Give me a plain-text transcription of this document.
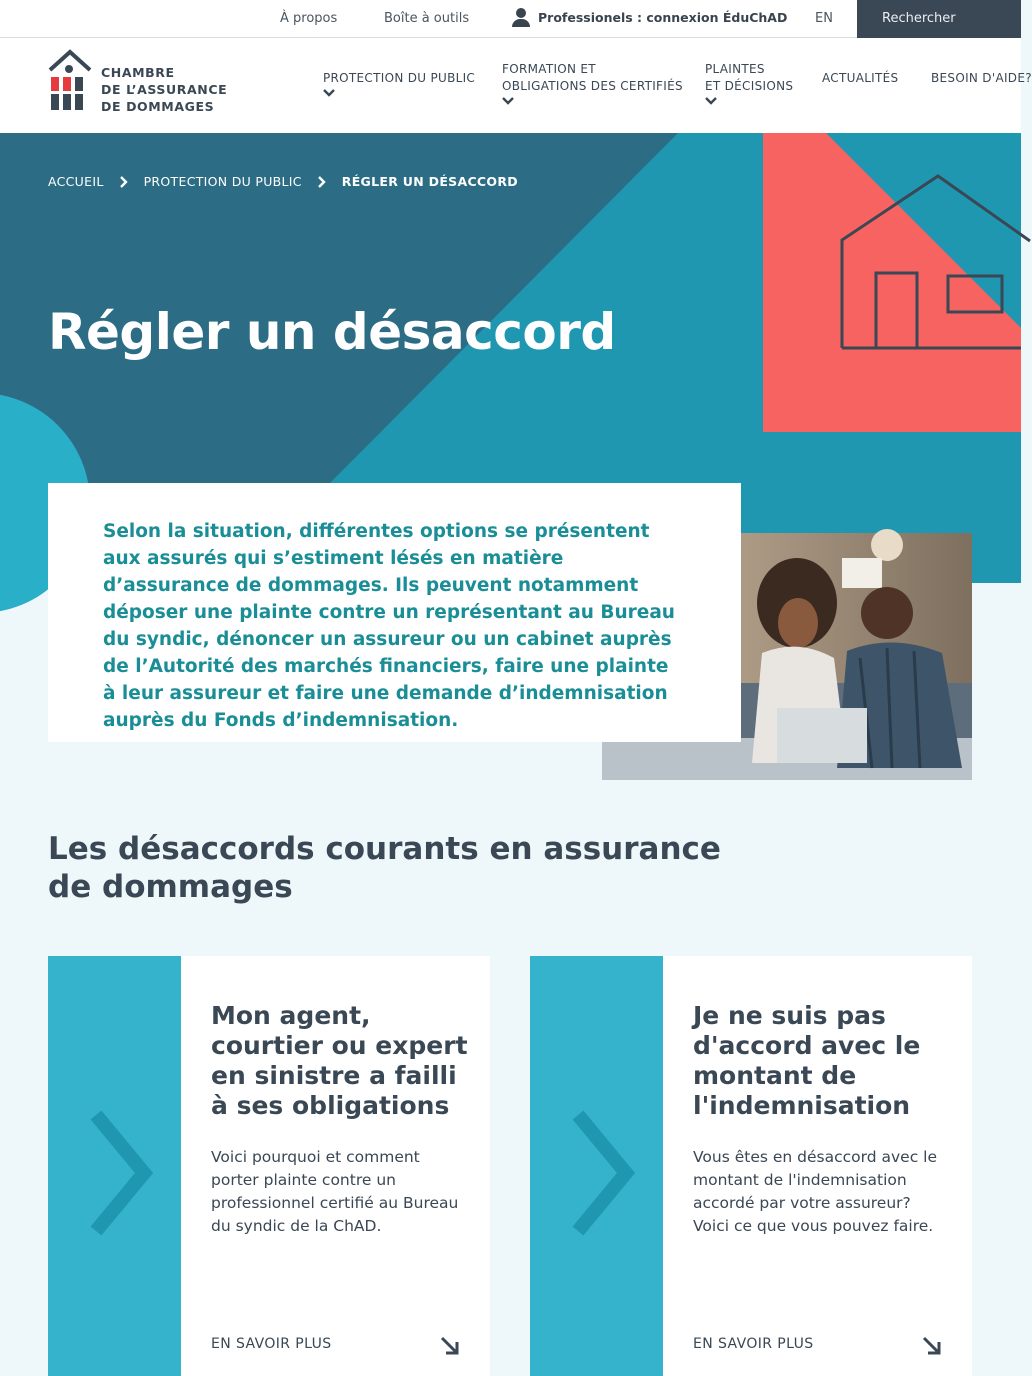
À propos	Boîte à outils	Professionels : connexion ÉduChAD EN	Rechercher
CHAMBRE
DE L’ASSURANCE
DE DOMMAGES
PROTECTION DU PUBLIC
FORMATION ET
OBLIGATIONS DES CERTIFIÉS
PLAINTES
ET DÉCISIONS
ACTUALITÉS	BESOIN D'AIDE?
ACCUEIL	PROTECTION DU PUBLIC	RÉGLER UN DÉSACCORD
Régler un désaccord

Selon la situation, différentes options se présentent aux assurés qui s’estiment lésés en matière d’assurance de dommages. Ils peuvent notamment déposer une plainte contre un représentant au Bureau du syndic, dénoncer un assureur ou un cabinet auprès de l’Autorité des marchés financiers, faire une plainte à leur assureur et faire une demande d’indemnisation auprès du Fonds d’indemnisation.

Les désaccords courants en assurance de dommages
Mon agent, courtier ou expert en sinistre a failli à ses obligations

Voici pourquoi et comment porter plainte contre un professionnel certifié au Bureau du syndic de la ChAD.

EN SAVOIR PLUS
Je ne suis pas d'accord avec le montant de l'indemnisation

Vous êtes en désaccord avec le montant de l'indemnisation accordé par votre assureur? Voici ce que vous pouvez faire.

EN SAVOIR PLUS
